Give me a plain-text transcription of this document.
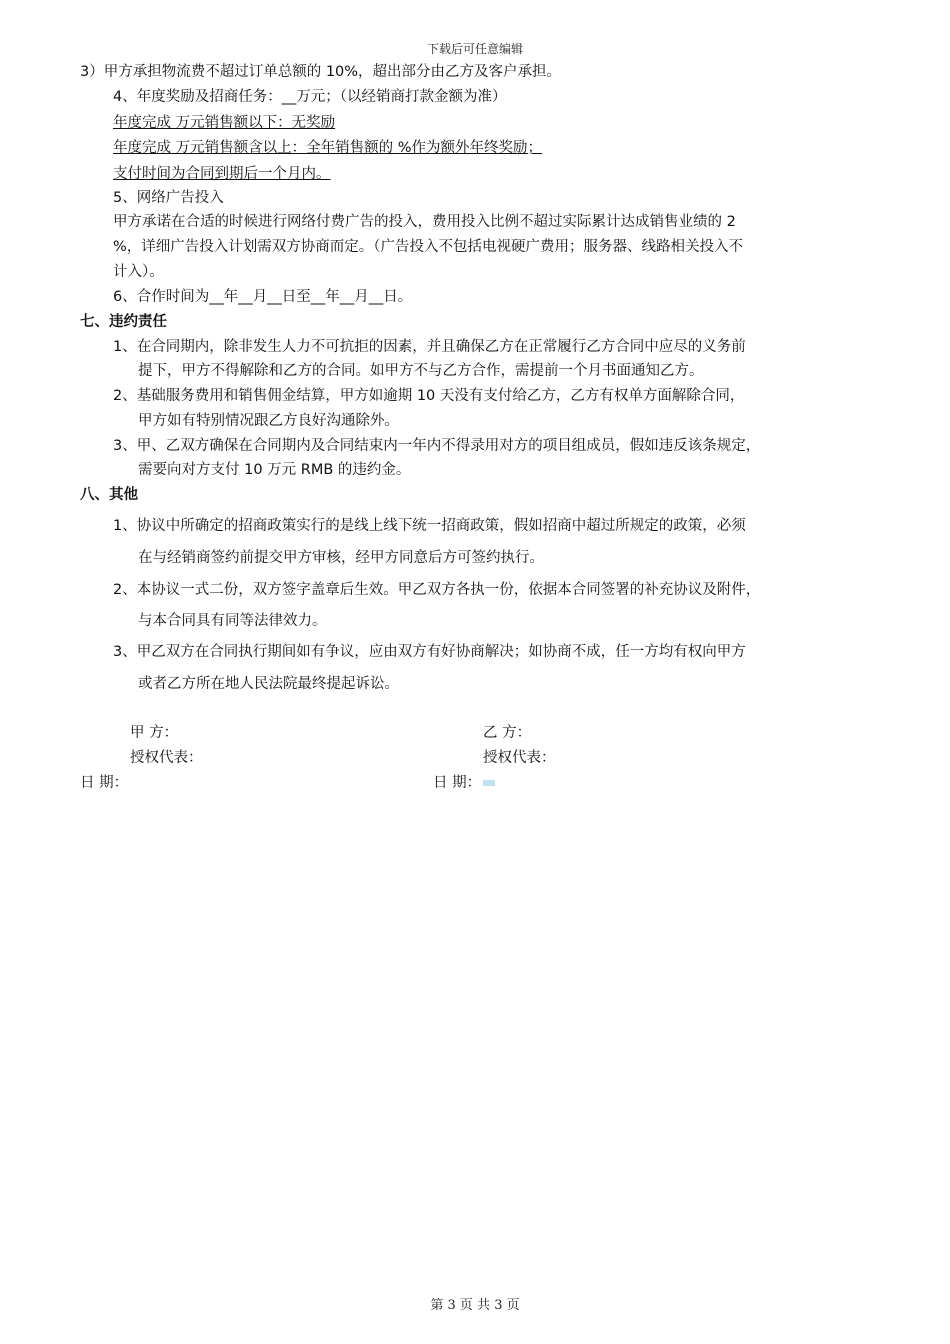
下载后可任意编辑
3）甲方承担物流费不超过订单总额的 10%，超出部分由乙方及客户承担。
4、年度奖励及招商任务：__万元；（以经销商打款金额为准）
年度完成 万元销售额以下：无奖励
年度完成 万元销售额含以上：全年销售额的 %作为额外年终奖励；
支付时间为合同到期后一个月内。
5、网络广告投入
甲方承诺在合适的时候进行网络付费广告的投入，费用投入比例不超过实际累计达成销售业绩的 2
%，详细广告投入计划需双方协商而定。（广告投入不包括电视硬广费用；服务器、线路相关投入不
计入）。
6、合作时间为__年__月__日至__年__月__日。
七、违约责任
1、在合同期内，除非发生人力不可抗拒的因素，并且确保乙方在正常履行乙方合同中应尽的义务前
提下，甲方不得解除和乙方的合同。如甲方不与乙方合作，需提前一个月书面通知乙方。
2、基础服务费用和销售佣金结算，甲方如逾期 10 天没有支付给乙方，乙方有权单方面解除合同，
甲方如有特别情况跟乙方良好沟通除外。
3、甲、乙双方确保在合同期内及合同结束内一年内不得录用对方的项目组成员，假如违反该条规定，
需要向对方支付 10 万元 RMB 的违约金。
八、其他
1、协议中所确定的招商政策实行的是线上线下统一招商政策，假如招商中超过所规定的政策，必须
在与经销商签约前提交甲方审核，经甲方同意后方可签约执行。
2、本协议一式二份，双方签字盖章后生效。甲乙双方各执一份，依据本合同签署的补充协议及附件，
与本合同具有同等法律效力。
3、甲乙双方在合同执行期间如有争议，应由双方有好协商解决；如协商不成，任一方均有权向甲方
或者乙方所在地人民法院最终提起诉讼。
甲 方：
授权代表：
日 期：
乙 方：
授权代表：
日 期：
第 3 页 共 3 页
